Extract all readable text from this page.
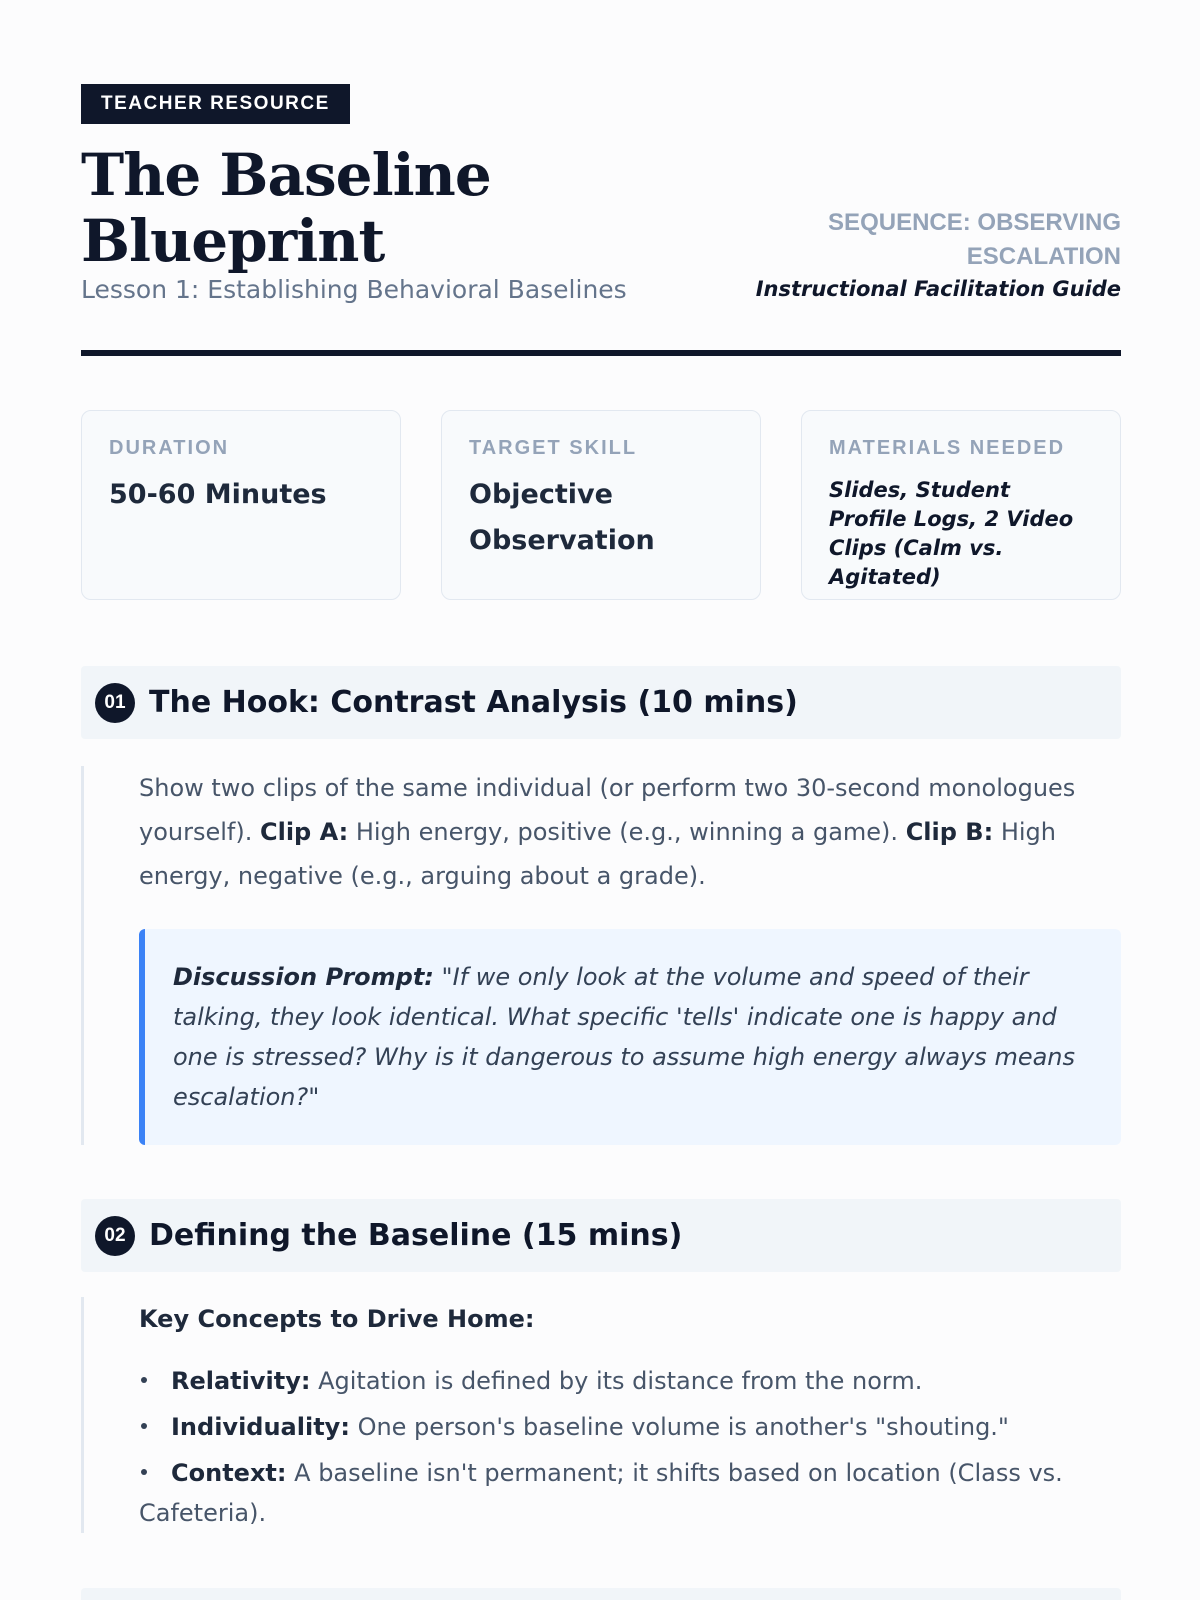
TEACHER RESOURCE
The Baseline
Blueprint
Lesson 1: Establishing Behavioral Baselines
SEQUENCE: OBSERVING
ESCALATION
Instructional Facilitation Guide
DURATION
50-60 Minutes
TARGET SKILL
Objective Observation
MATERIALS NEEDED
Slides, Student Profile Logs, 2 Video Clips (Calm vs. Agitated)
01 The Hook: Contrast Analysis (10 mins)

Show two clips of the same individual (or perform two 30-second monologues yourself). Clip A: High energy, positive (e.g., winning a game). Clip B: High energy, negative (e.g., arguing about a grade).

Discussion Prompt: "If we only look at the volume and speed of their talking, they look identical. What specific 'tells' indicate one is happy and one is stressed? Why is it dangerous to assume high energy always means escalation?"
02 Defining the Baseline (15 mins)
Key Concepts to Drive Home:
Relativity: Agitation is defined by its distance from the norm.
Individuality: One person's baseline volume is another's "shouting."
Context: A baseline isn't permanent; it shifts based on location (Class vs. Cafeteria).
